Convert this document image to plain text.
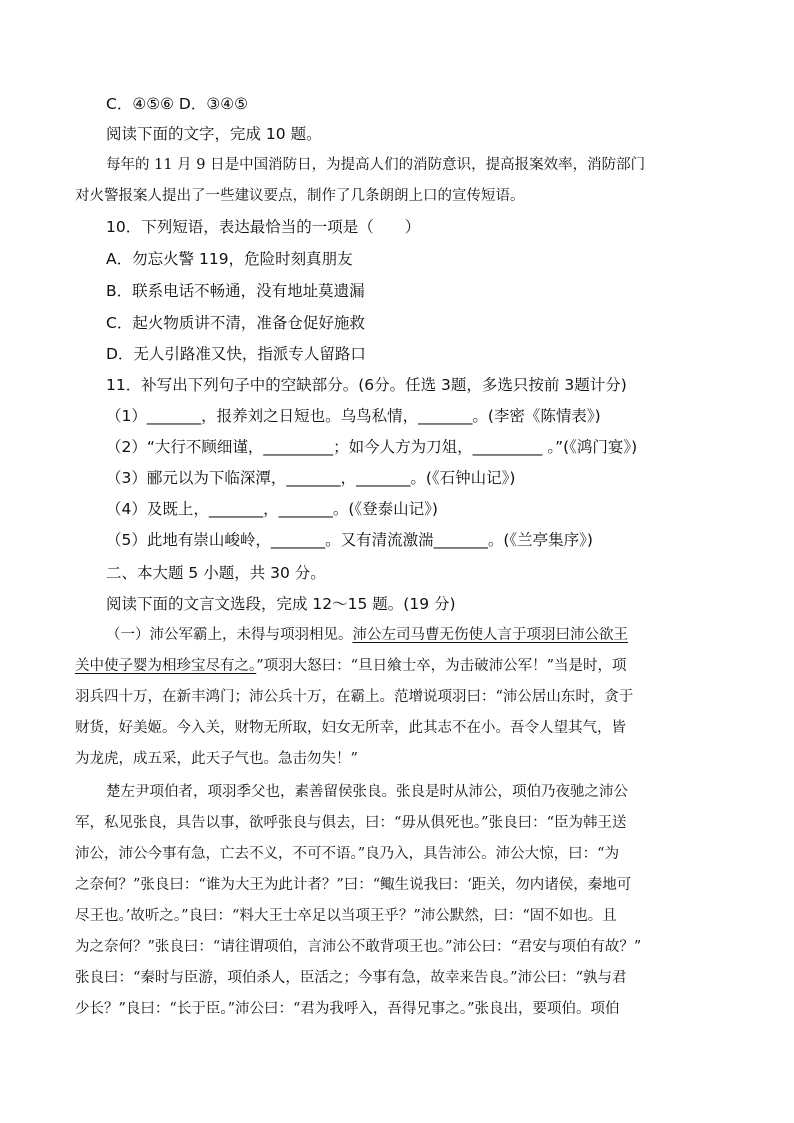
C．④⑤⑥ D．③④⑤
阅读下面的文字，完成 10 题。
每年的 11 月 9 日是中国消防日，为提高人们的消防意识，提高报案效率，消防部门
对火警报案人提出了一些建议要点，制作了几条朗朗上口的宣传短语。
10．下列短语，表达最恰当的一项是（　　）
A．勿忘火警 119，危险时刻真朋友
B．联系电话不畅通，没有地址莫遗漏
C．起火物质讲不清，准备仓促好施救
D．无人引路准又快，指派专人留路口
11．补写出下列句子中的空缺部分。(6分。任选 3题，多选只按前 3题计分)
（1）_______，报养刘之日短也。乌鸟私情，_______。(李密《陈情表》)
（2）“大行不顾细谨，_________；如今人方为刀俎，_________ 。”(《鸿门宴》)
（3）郦元以为下临深潭，_______，_______。(《石钟山记》)
（4）及既上，_______，_______。(《登泰山记》)
（5）此地有崇山峻岭，_______。又有清流激湍_______。(《兰亭集序》)
二、本大题 5 小题，共 30 分。
阅读下面的文言文选段，完成 12～15 题。(19 分)
（一）沛公军霸上，未得与项羽相见。沛公左司马曹无伤使人言于项羽曰沛公欲王
关中使子婴为相珍宝尽有之。”项羽大怒曰：“旦日飨士卒，为击破沛公军！”当是时，项
羽兵四十万，在新丰鸿门；沛公兵十万，在霸上。范增说项羽曰：“沛公居山东时，贪于
财货，好美姬。今入关，财物无所取，妇女无所幸，此其志不在小。吾令人望其气，皆
为龙虎，成五采，此天子气也。急击勿失！”
楚左尹项伯者，项羽季父也，素善留侯张良。张良是时从沛公，项伯乃夜驰之沛公
军，私见张良，具告以事，欲呼张良与俱去，曰：“毋从俱死也。”张良曰：“臣为韩王送
沛公，沛公今事有急，亡去不义，不可不语。”良乃入，具告沛公。沛公大惊，曰：“为
之奈何？”张良曰：“谁为大王为此计者？”曰：“鲰生说我曰：‘距关，勿内诸侯，秦地可
尽王也。’故听之。”良曰：“料大王士卒足以当项王乎？”沛公默然，曰：“固不如也。且
为之奈何？”张良曰：“请往谓项伯，言沛公不敢背项王也。”沛公曰：“君安与项伯有故？”
张良曰：“秦时与臣游，项伯杀人，臣活之；今事有急，故幸来告良。”沛公曰：“孰与君
少长？”良曰：“长于臣。”沛公曰：“君为我呼入，吾得兄事之。”张良出，要项伯。项伯
